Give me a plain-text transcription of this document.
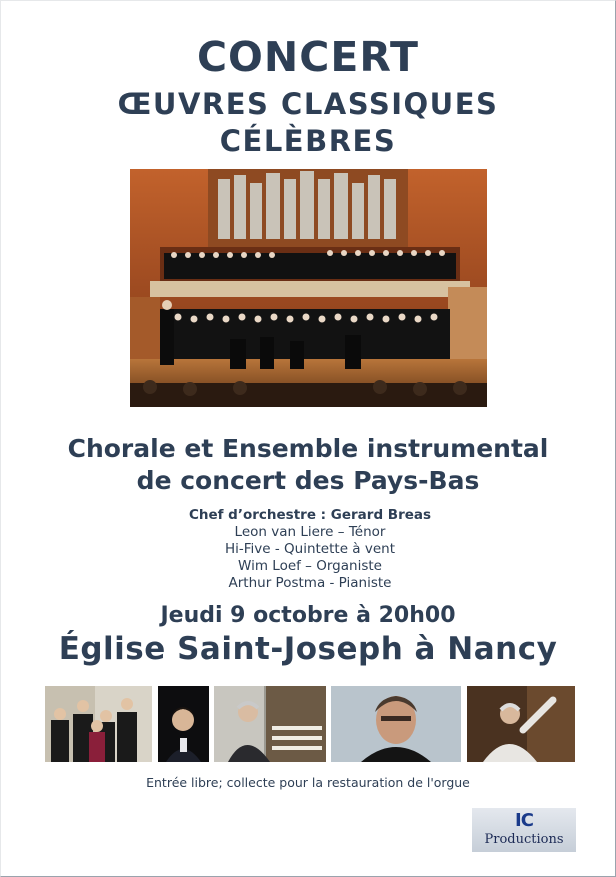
CONCERT
ŒUVRES CLASSIQUES
CÉLÈBRES
Chorale et Ensemble instrumental
de concert des Pays-Bas
Chef d’orchestre : Gerard Breas
Leon van Liere – Ténor
Hi-Five - Quintette à vent
Wim Loef – Organiste
Arthur Postma - Pianiste
Jeudi 9 octobre à 20h00
Église Saint-Joseph à Nancy
Entrée libre; collecte pour la restauration de l'orgue
IC
Productions
